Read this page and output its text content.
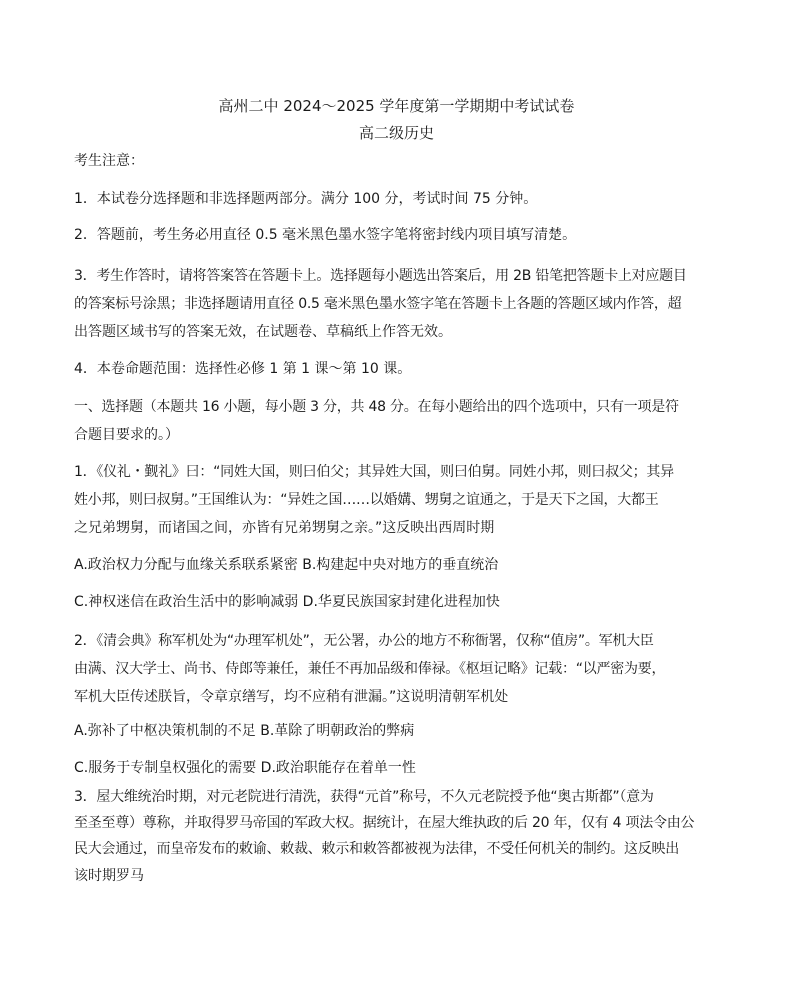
高州二中 2024～2025 学年度第一学期期中考试试卷
高二级历史
考生注意：
1．本试卷分选择题和非选择题两部分。满分 100 分，考试时间 75 分钟。
2．答题前，考生务必用直径 0.5 毫米黑色墨水签字笔将密封线内项目填写清楚。
3．考生作答时，请将答案答在答题卡上。选择题每小题选出答案后，用 2B 铅笔把答题卡上对应题目
的答案标号涂黑；非选择题请用直径 0.5 毫米黑色墨水签字笔在答题卡上各题的答题区域内作答，超
出答题区域书写的答案无效，在试题卷、草稿纸上作答无效。
4．本卷命题范围：选择性必修 1 第 1 课～第 10 课。
一、选择题（本题共 16 小题，每小题 3 分，共 48 分。在每小题给出的四个选项中，只有一项是符
合题目要求的。）
1．《仪礼・觐礼》曰：“同姓大国，则曰伯父；其异姓大国，则曰伯舅。同姓小邦，则曰叔父；其异
姓小邦，则曰叔舅。”王国维认为：“异姓之国……以婚媾、甥舅之谊通之，于是天下之国，大都王
之兄弟甥舅，而诸国之间，亦皆有兄弟甥舅之亲。”这反映出西周时期
A.政治权力分配与血缘关系联系紧密 B.构建起中央对地方的垂直统治
C.神权迷信在政治生活中的影响减弱 D.华夏民族国家封建化进程加快
2．《清会典》称军机处为“办理军机处”，无公署，办公的地方不称衙署，仅称“值房”。军机大臣
由满、汉大学士、尚书、侍郎等兼任，兼任不再加品级和俸禄。《枢垣记略》记载：“以严密为要，
军机大臣传述朕旨，令章京缮写，均不应稍有泄漏。”这说明清朝军机处
A.弥补了中枢决策机制的不足 B.革除了明朝政治的弊病
C.服务于专制皇权强化的需要 D.政治职能存在着单一性
3．屋大维统治时期，对元老院进行清洗，获得“元首”称号，不久元老院授予他“奥古斯都”（意为
至圣至尊）尊称，并取得罗马帝国的军政大权。据统计，在屋大维执政的后 20 年，仅有 4 项法令由公
民大会通过，而皇帝发布的敕谕、敕裁、敕示和敕答都被视为法律，不受任何机关的制约。这反映出
该时期罗马
